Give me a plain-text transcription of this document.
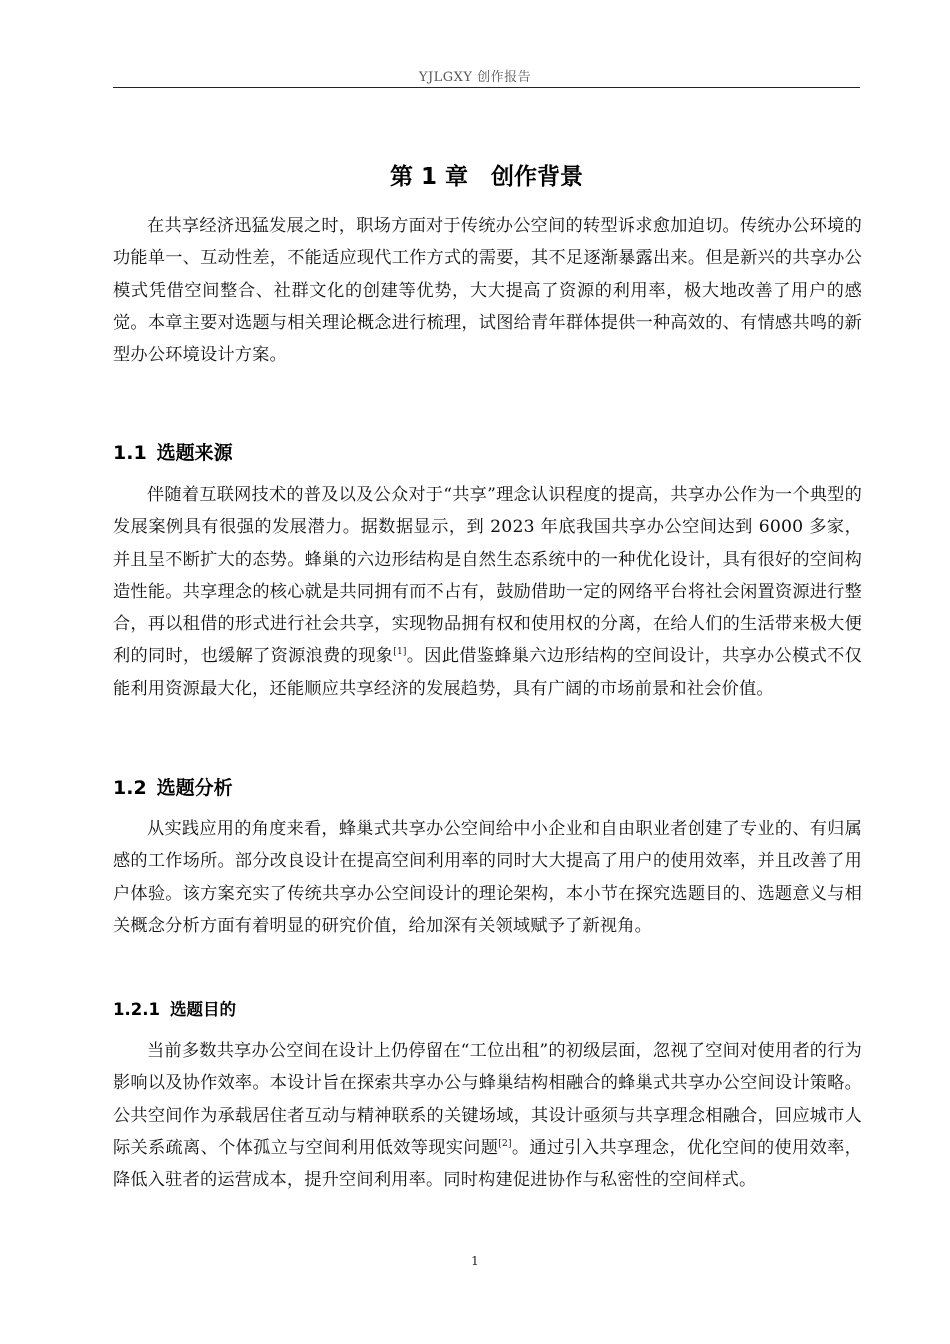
YJLGXY 创作报告
第 1 章　创作背景

在共享经济迅猛发展之时，职场方面对于传统办公空间的转型诉求愈加迫切。传统办公环境的功能单一、互动性差，不能适应现代工作方式的需要，其不足逐渐暴露出来。但是新兴的共享办公模式凭借空间整合、社群文化的创建等优势，大大提高了资源的利用率，极大地改善了用户的感觉。本章主要对选题与相关理论概念进行梳理，试图给青年群体提供一种高效的、有情感共鸣的新型办公环境设计方案。

1.1 选题来源

伴随着互联网技术的普及以及公众对于“共享”理念认识程度的提高，共享办公作为一个典型的发展案例具有很强的发展潜力。据数据显示，到 2023 年底我国共享办公空间达到 6000 多家，并且呈不断扩大的态势。蜂巢的六边形结构是自然生态系统中的一种优化设计，具有很好的空间构造性能。共享理念的核心就是共同拥有而不占有，鼓励借助一定的网络平台将社会闲置资源进行整合，再以租借的形式进行社会共享，实现物品拥有权和使用权的分离，在给人们的生活带来极大便利的同时，也缓解了资源浪费的现象[1]。因此借鉴蜂巢六边形结构的空间设计，共享办公模式不仅能利用资源最大化，还能顺应共享经济的发展趋势，具有广阔的市场前景和社会价值。

1.2 选题分析

从实践应用的角度来看，蜂巢式共享办公空间给中小企业和自由职业者创建了专业的、有归属感的工作场所。部分改良设计在提高空间利用率的同时大大提高了用户的使用效率，并且改善了用户体验。该方案充实了传统共享办公空间设计的理论架构，本小节在探究选题目的、选题意义与相关概念分析方面有着明显的研究价值，给加深有关领域赋予了新视角。

1.2.1 选题目的

当前多数共享办公空间在设计上仍停留在“工位出租”的初级层面，忽视了空间对使用者的行为影响以及协作效率。本设计旨在探索共享办公与蜂巢结构相融合的蜂巢式共享办公空间设计策略。公共空间作为承载居住者互动与精神联系的关键场域，其设计亟须与共享理念相融合，回应城市人际关系疏离、个体孤立与空间利用低效等现实问题[2]。通过引入共享理念，优化空间的使用效率，降低入驻者的运营成本，提升空间利用率。同时构建促进协作与私密性的空间样式。

1
